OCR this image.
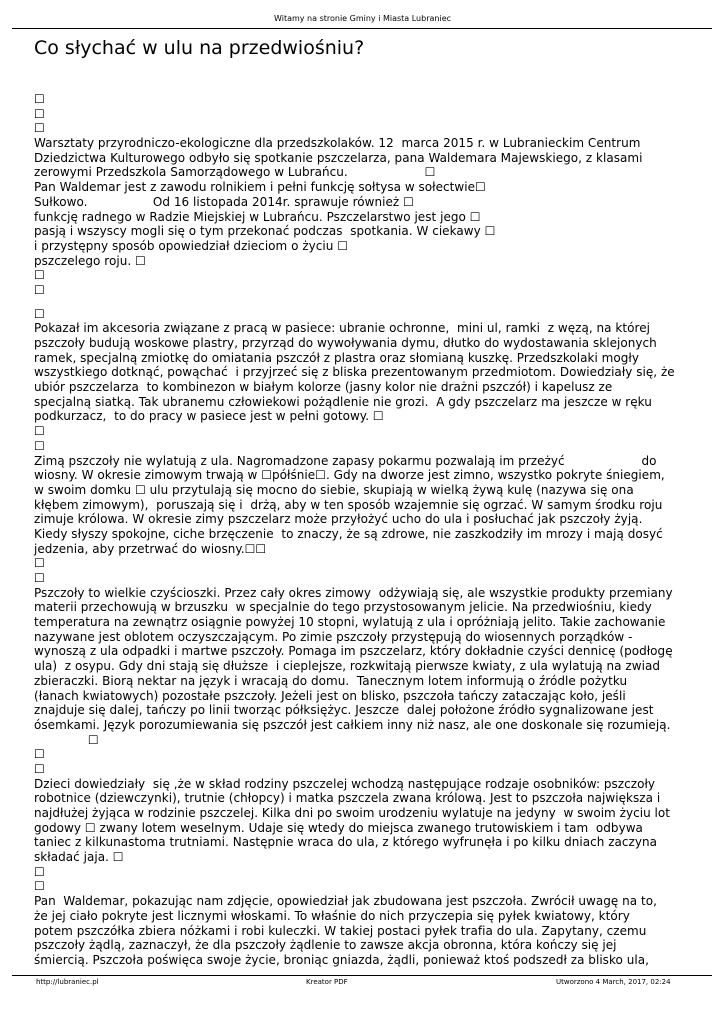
Witamy na stronie Gminy i Miasta Lubraniec
Co słychać w ulu na przedwiośniu?
☐
☐
☐
Warsztaty przyrodniczo-ekologiczne dla przedszkolaków. 12  marca 2015 r. w Lubranieckim Centrum
Dziedzictwa Kulturowego odbyło się spotkanie pszczelarza, pana Waldemara Majewskiego, z klasami
zerowymi Przedszkola Samorządowego w Lubrańcu.                    ☐
Pan Waldemar jest z zawodu rolnikiem i pełni funkcję sołtysa w sołectwie☐
Sułkowo.                 Od 16 listopada 2014r. sprawuje również ☐
funkcję radnego w Radzie Miejskiej w Lubrańcu. Pszczelarstwo jest jego ☐
pasją i wszyscy mogli się o tym przekonać podczas  spotkania. W ciekawy ☐
i przystępny sposób opowiedział dzieciom o życiu ☐
pszczelego roju. ☐
☐
☐
☐
Pokazał im akcesoria związane z pracą w pasiece: ubranie ochronne,  mini ul, ramki  z węzą, na której
pszczoły budują woskowe plastry, przyrząd do wywoływania dymu, dłutko do wydostawania sklejonych
ramek, specjalną zmiotkę do omiatania pszczół z plastra oraz słomianą kuszkę. Przedszkolaki mogły
wszystkiego dotknąć, powąchać  i przyjrzeć się z bliska prezentowanym przedmiotom. Dowiedziały się, że
ubiór pszczelarza  to kombinezon w białym kolorze (jasny kolor nie drażni pszczół) i kapelusz ze
specjalną siatką. Tak ubranemu człowiekowi pożądlenie nie grozi.  A gdy pszczelarz ma jeszcze w ręku
podkurzacz,  to do pracy w pasiece jest w pełni gotowy. ☐
☐
☐
Zimą pszczoły nie wylatują z ula. Nagromadzone zapasy pokarmu pozwalają im przeżyć                    do
wiosny. W okresie zimowym trwają w ☐półśnie☐. Gdy na dworze jest zimno, wszystko pokryte śniegiem,
w swoim domku ☐ ulu przytulają się mocno do siebie, skupiają w wielką żywą kulę (nazywa się ona
kłębem zimowym),  poruszają się i  drżą, aby w ten sposób wzajemnie się ogrzać. W samym środku roju
zimuje królowa. W okresie zimy pszczelarz może przyłożyć ucho do ula i posłuchać jak pszczoły żyją.
Kiedy słyszy spokojne, ciche brzęczenie  to znaczy, że są zdrowe, nie zaszkodziły im mrozy i mają dosyć
jedzenia, aby przetrwać do wiosny.☐☐
☐
☐
Pszczoły to wielkie czyścioszki. Przez cały okres zimowy  odżywiają się, ale wszystkie produkty przemiany
materii przechowują w brzuszku  w specjalnie do tego przystosowanym jelicie. Na przedwiośniu, kiedy
temperatura na zewnątrz osiągnie powyżej 10 stopni, wylatują z ula i opróżniają jelito. Takie zachowanie
nazywane jest oblotem oczyszczającym. Po zimie pszczoły przystępują do wiosennych porządków -
wynoszą z ula odpadki i martwe pszczoły. Pomaga im pszczelarz, który dokładnie czyści dennicę (podłogę
ula)  z osypu. Gdy dni stają się dłuższe  i cieplejsze, rozkwitają pierwsze kwiaty, z ula wylatują na zwiad
zbieraczki. Biorą nektar na język i wracają do domu.  Tanecznym lotem informują o źródle pożytku
(łanach kwiatowych) pozostałe pszczoły. Jeżeli jest on blisko, pszczoła tańczy zataczając koło, jeśli
znajduje się dalej, tańczy po linii tworząc półksiężyc. Jeszcze  dalej położone źródło sygnalizowane jest
ósemkami. Język porozumiewania się pszczół jest całkiem inny niż nasz, ale one doskonale się rozumieją.
☐
☐
☐
Dzieci dowiedziały  się ,że w skład rodziny pszczelej wchodzą następujące rodzaje osobników: pszczoły
robotnice (dziewczynki), trutnie (chłopcy) i matka pszczela zwana królową. Jest to pszczoła największa i
najdłużej żyjąca w rodzinie pszczelej. Kilka dni po swoim urodzeniu wylatuje na jedyny  w swoim życiu lot
godowy ☐ zwany lotem weselnym. Udaje się wtedy do miejsca zwanego trutowiskiem i tam  odbywa
taniec z kilkunastoma trutniami. Następnie wraca do ula, z którego wyfrunęła i po kilku dniach zaczyna
składać jaja. ☐
☐
☐
Pan  Waldemar, pokazując nam zdjęcie, opowiedział jak zbudowana jest pszczoła. Zwrócił uwagę na to,
że jej ciało pokryte jest licznymi włoskami. To właśnie do nich przyczepia się pyłek kwiatowy, który
potem pszczółka zbiera nóżkami i robi kuleczki. W takiej postaci pyłek trafia do ula. Zapytany, czemu
pszczoły żądlą, zaznaczył, że dla pszczoły żądlenie to zawsze akcja obronna, która kończy się jej
śmiercią. Pszczoła poświęca swoje życie, broniąc gniazda, żądli, ponieważ ktoś podszedł za blisko ula,
http://lubraniec.pl	Kreator PDF	Utworzono 4 March, 2017, 02:24
